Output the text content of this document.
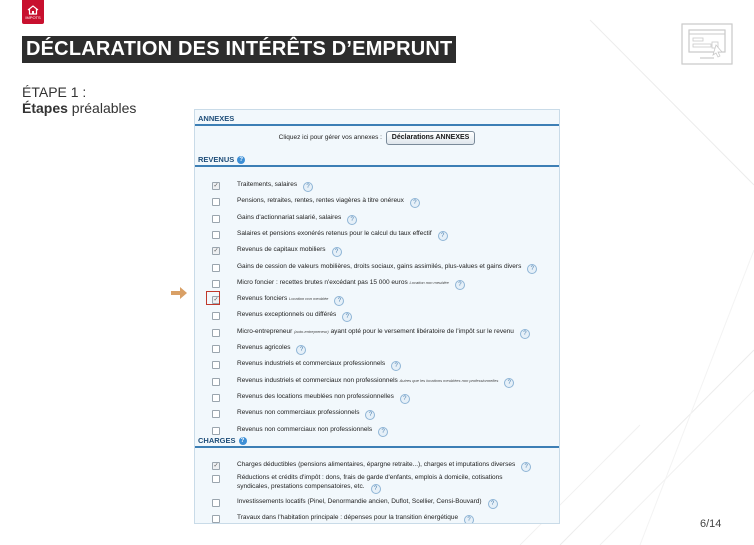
IMPOTS
DÉCLARATION DES INTÉRÊTS D’EMPRUNT
ÉTAPE 1 :
Étapes préalables
ANNEXES
Cliquez ici pour gérer vos annexes : Déclarations ANNEXES
REVENUS ?
✓	Traitements, salaires ?
Pensions, retraites, rentes, rentes viagères à titre onéreux ?
Gains d'actionnariat salarié, salaires ?
Salaires et pensions exonérés retenus pour le calcul du taux effectif ?
✓	Revenus de capitaux mobiliers ?
Gains de cession de valeurs mobilières, droits sociaux, gains assimilés, plus-values et gains divers ?
Micro foncier : recettes brutes n'excédant pas 15 000 euros Location non meublée ?
✓	Revenus fonciers Location non meublée ?
Revenus exceptionnels ou différés ?
Micro-entrepreneur (auto-entrepreneur) ayant opté pour le versement libératoire de l'impôt sur le revenu ?
Revenus agricoles ?
Revenus industriels et commerciaux professionnels ?
Revenus industriels et commerciaux non professionnels Autres que les locations meublées non professionnelles ?
Revenus des locations meublées non professionnelles ?
Revenus non commerciaux professionnels ?
Revenus non commerciaux non professionnels ?
CHARGES ?
✓	Charges déductibles (pensions alimentaires, épargne retraite...), charges et imputations diverses ?
Réductions et crédits d'impôt : dons, frais de garde d'enfants, emplois à domicile, cotisations syndicales, prestations compensatoires, etc. ?
Investissements locatifs (Pinel, Denormandie ancien, Duflot, Scellier, Censi-Bouvard) ?
Travaux dans l'habitation principale : dépenses pour la transition énergétique ?	6/14
